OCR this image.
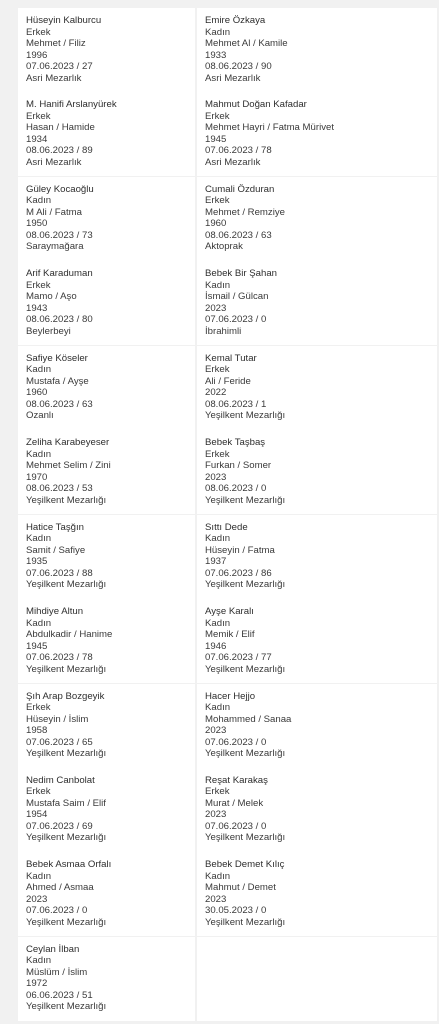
Hüseyin Kalburcu
Erkek
Mehmet / Filiz
1996
07.06.2023 / 27
Asri Mezarlık
Emire Özkaya
Kadın
Mehmet Al / Kamile
1933
08.06.2023 / 90
Asri Mezarlık
M. Hanifi Arslanyürek
Erkek
Hasan / Hamide
1934
08.06.2023 / 89
Asri Mezarlık
Mahmut Doğan Kafadar
Erkek
Mehmet Hayri / Fatma Mürivet
1945
07.06.2023 / 78
Asri Mezarlık
Güley Kocaoğlu
Kadın
M Ali / Fatma
1950
08.06.2023 / 73
Saraymağara
Cumali Özduran
Erkek
Mehmet / Remziye
1960
08.06.2023 / 63
Aktoprak
Arif Karaduman
Erkek
Mamo / Aşo
1943
08.06.2023 / 80
Beylerbeyi
Bebek Bir Şahan
Kadın
İsmail / Gülcan
2023
07.06.2023 / 0
İbrahimli
Safiye Köseler
Kadın
Mustafa / Ayşe
1960
08.06.2023 / 63
Ozanlı
Kemal Tutar
Erkek
Ali / Feride
2022
08.06.2023 / 1
Yeşilkent Mezarlığı
Zeliha Karabeyeser
Kadın
Mehmet Selim / Zini
1970
08.06.2023 / 53
Yeşilkent Mezarlığı
Bebek Taşbaş
Erkek
Furkan / Somer
2023
08.06.2023 / 0
Yeşilkent Mezarlığı
Hatice Taşğın
Kadın
Samit / Safiye
1935
07.06.2023 / 88
Yeşilkent Mezarlığı
Sıttı Dede
Kadın
Hüseyin / Fatma
1937
07.06.2023 / 86
Yeşilkent Mezarlığı
Mihdiye Altun
Kadın
Abdulkadir / Hanime
1945
07.06.2023 / 78
Yeşilkent Mezarlığı
Ayşe Karalı
Kadın
Memik / Elif
1946
07.06.2023 / 77
Yeşilkent Mezarlığı
Şıh Arap Bozgeyik
Erkek
Hüseyin / İslim
1958
07.06.2023 / 65
Yeşilkent Mezarlığı
Hacer Hejjo
Kadın
Mohammed / Sanaa
2023
07.06.2023 / 0
Yeşilkent Mezarlığı
Nedim Canbolat
Erkek
Mustafa Saim / Elif
1954
07.06.2023 / 69
Yeşilkent Mezarlığı
Reşat Karakaş
Erkek
Murat / Melek
2023
07.06.2023 / 0
Yeşilkent Mezarlığı
Bebek Asmaa Orfalı
Kadın
Ahmed / Asmaa
2023
07.06.2023 / 0
Yeşilkent Mezarlığı
Bebek Demet Kılıç
Kadın
Mahmut / Demet
2023
30.05.2023 / 0
Yeşilkent Mezarlığı
Ceylan İlban
Kadın
Müslüm / İslim
1972
06.06.2023 / 51
Yeşilkent Mezarlığı
